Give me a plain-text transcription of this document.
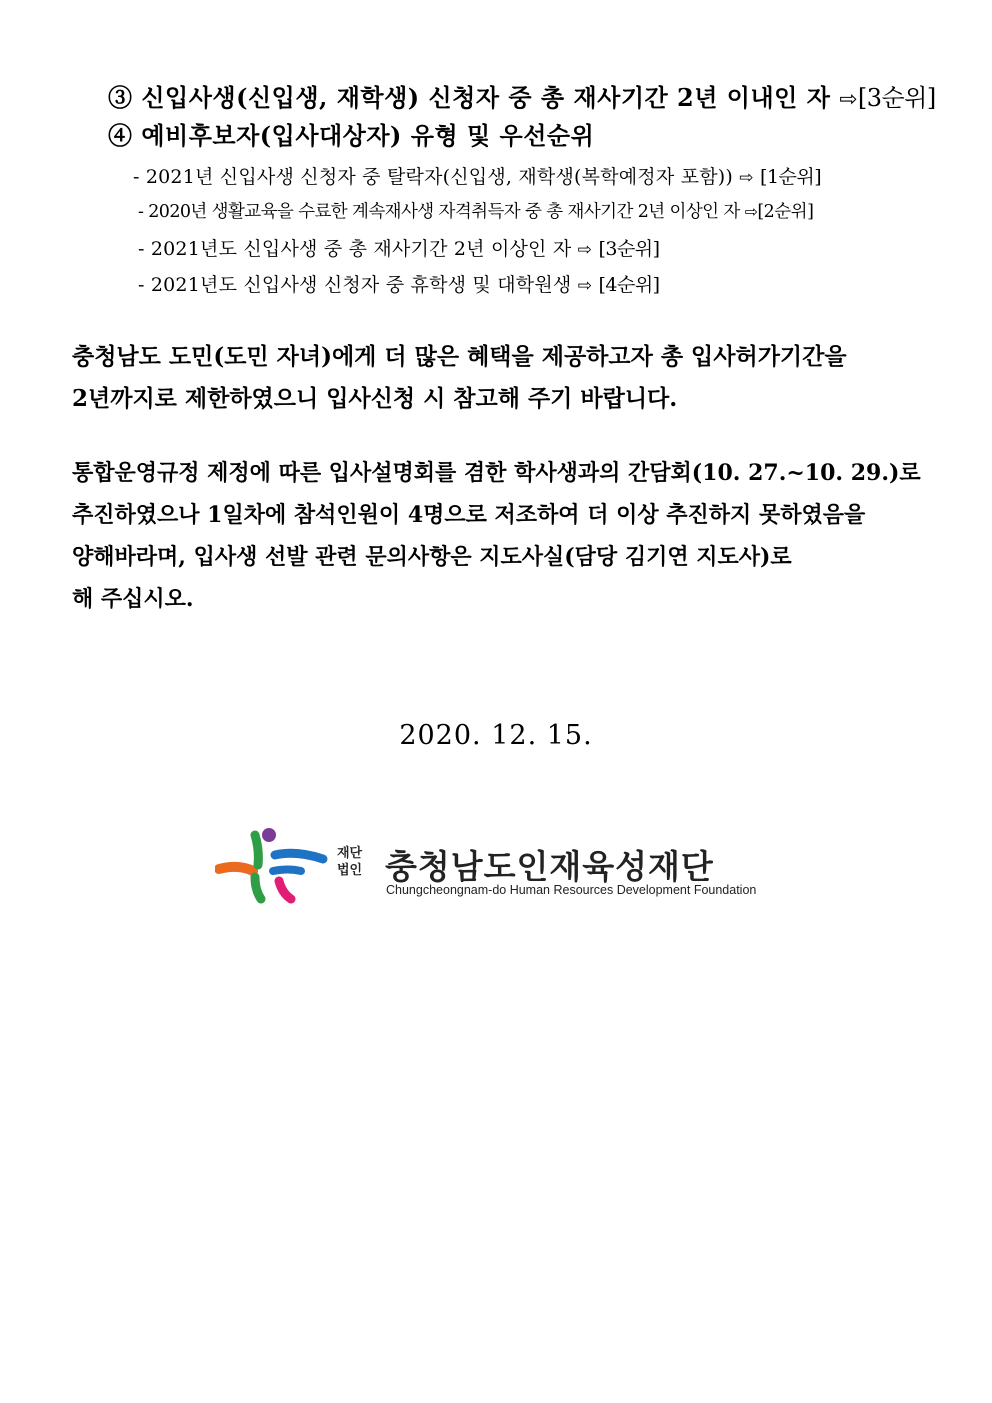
③ 신입사생(신입생, 재학생) 신청자 중 총 재사기간 2년 이내인 자 ⇨[3순위]
④ 예비후보자(입사대상자) 유형 및 우선순위
- 2021년 신입사생 신청자 중 탈락자(신입생, 재학생(복학예정자 포함)) ⇨ [1순위]
- 2020년 생활교육을 수료한 계속재사생 자격취득자 중 총 재사기간 2년 이상인 자 ⇨[2순위]
- 2021년도 신입사생 중 총 재사기간 2년 이상인 자 ⇨ [3순위]
- 2021년도 신입사생 신청자 중 휴학생 및 대학원생 ⇨ [4순위]
충청남도 도민(도민 자녀)에게 더 많은 혜택을 제공하고자 총 입사허가기간을
2년까지로 제한하였으니 입사신청 시 참고해 주기 바랍니다.
통합운영규정 제정에 따른 입사설명회를 겸한 학사생과의 간담회(10. 27.~10. 29.)로
추진하였으나 1일차에 참석인원이 4명으로 저조하여 더 이상 추진하지 못하였음을
양해바라며, 입사생 선발 관련 문의사항은 지도사실(담당 김기연 지도사)로
해 주십시오.
2020. 12. 15.
재단
법인 충청남도인재육성재단
Chungcheongnam-do Human Resources Development Foundation
